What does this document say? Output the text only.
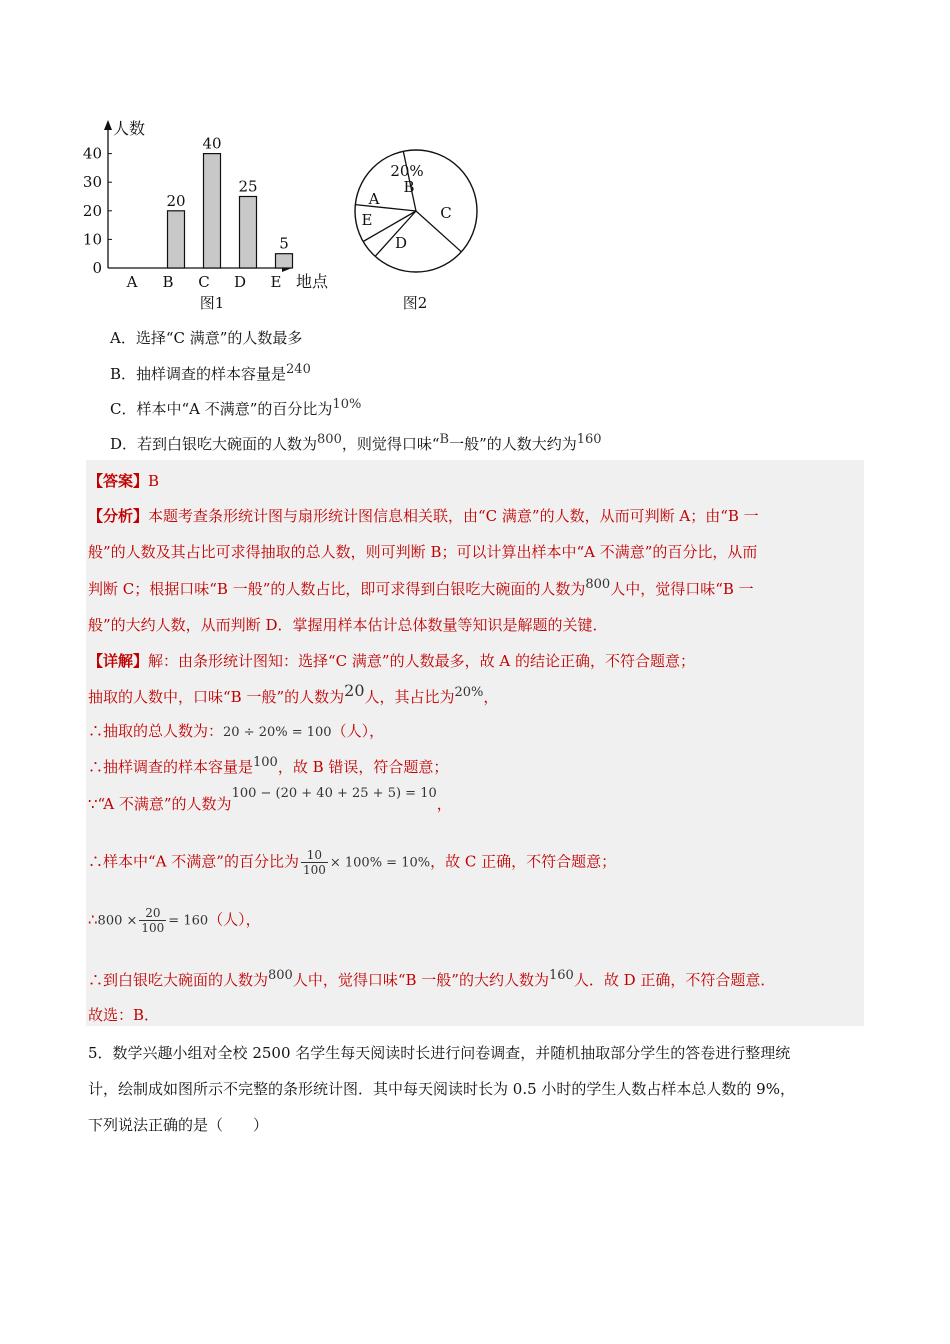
人数
地点
0
10
20
30
40
A B
20
C
40
D
25
E
5
图1
20%
B
A
E	C
D
图2
A．选择“C 满意”的人数最多
B．抽样调查的样本容量是240
C．样本中“A 不满意”的百分比为10%
D．若到白银吃大碗面的人数为800，则觉得口味“B一般”的人数大约为160
【答案】B
【分析】本题考查条形统计图与扇形统计图信息相关联，由“C 满意”的人数，从而可判断 A；由“B 一
般”的人数及其占比可求得抽取的总人数，则可判断 B；可以计算出样本中“A 不满意”的百分比，从而
判断 C；根据口味“B 一般”的人数占比，即可求得到白银吃大碗面的人数为800人中，觉得口味“B 一
般”的大约人数，从而判断 D．掌握用样本估计总体数量等知识是解题的关键．
【详解】解：由条形统计图知：选择“C 满意”的人数最多，故 A 的结论正确，不符合题意；
抽取的人数中，口味“B 一般”的人数为20人，其占比为20%，
∴抽取的总人数为：20 ÷ 20% = 100（人），
∴抽样调查的样本容量是100，故 B 错误，符合题意；
∵“A 不满意”的人数为100 − (20 + 40 + 25 + 5) = 10，
∴样本中“A 不满意”的百分比为 $\frac{10}{100} \times 100\% = 10\%$，故 C 正确，不符合题意；
∴800 × $\frac{20}{100} = 160$（人），
∴到白银吃大碗面的人数为800人中，觉得口味“B 一般”的大约人数为160人．故 D 正确，不符合题意．
故选：B．
5．数学兴趣小组对全校 2500 名学生每天阅读时长进行问卷调查，并随机抽取部分学生的答卷进行整理统
计，绘制成如图所示不完整的条形统计图．其中每天阅读时长为 0.5 小时的学生人数占样本总人数的 9%，
下列说法正确的是（　　）
